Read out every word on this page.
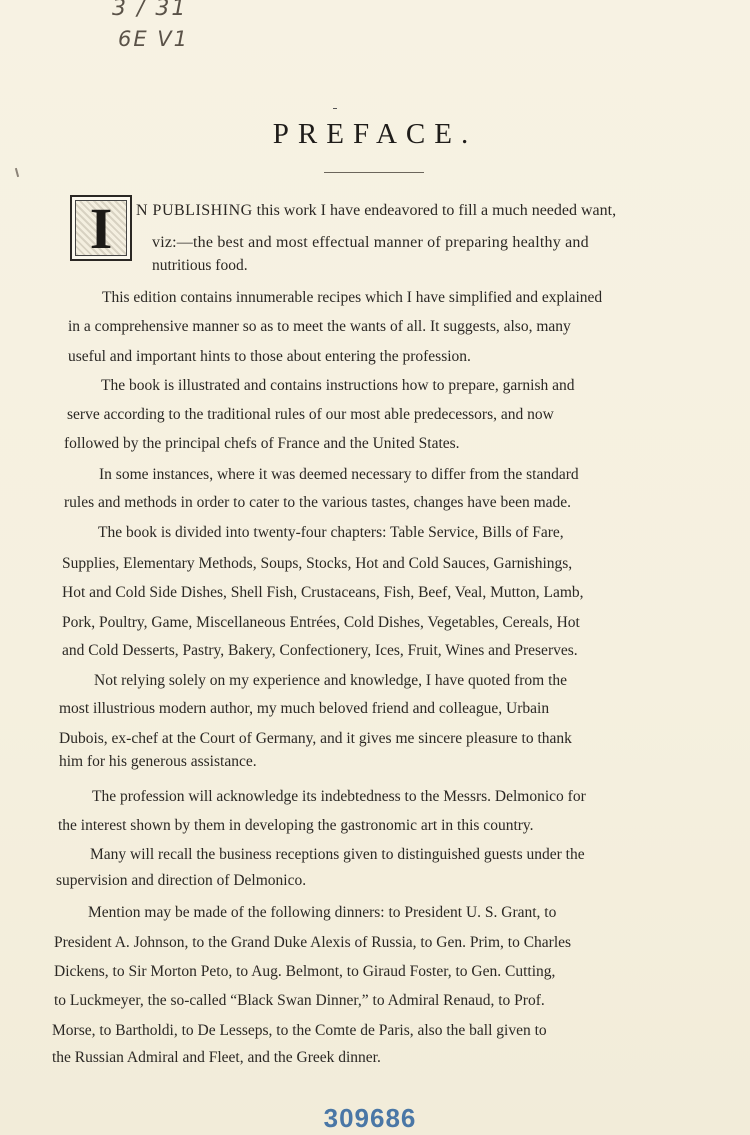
3 / 31
6E V1
PREFACE.
I	N PUBLISHING this work I have endeavored to fill a much needed want,
viz:—the best and most effectual manner of preparing healthy and
nutritious food.
This edition contains innumerable recipes which I have simplified and explained
in a comprehensive manner so as to meet the wants of all. It suggests, also, many
useful and important hints to those about entering the profession.
The book is illustrated and contains instructions how to prepare, garnish and
serve according to the traditional rules of our most able predecessors, and now
followed by the principal chefs of France and the United States.
In some instances, where it was deemed necessary to differ from the standard
rules and methods in order to cater to the various tastes, changes have been made.
The book is divided into twenty-four chapters: Table Service, Bills of Fare,
Supplies, Elementary Methods, Soups, Stocks, Hot and Cold Sauces, Garnishings,
Hot and Cold Side Dishes, Shell Fish, Crustaceans, Fish, Beef, Veal, Mutton, Lamb,
Pork, Poultry, Game, Miscellaneous Entrées, Cold Dishes, Vegetables, Cereals, Hot
and Cold Desserts, Pastry, Bakery, Confectionery, Ices, Fruit, Wines and Preserves.
Not relying solely on my experience and knowledge, I have quoted from the
most illustrious modern author, my much beloved friend and colleague, Urbain
Dubois, ex-chef at the Court of Germany, and it gives me sincere pleasure to thank
him for his generous assistance.
The profession will acknowledge its indebtedness to the Messrs. Delmonico for
the interest shown by them in developing the gastronomic art in this country.
Many will recall the business receptions given to distinguished guests under the
supervision and direction of Delmonico.
Mention may be made of the following dinners: to President U. S. Grant, to
President A. Johnson, to the Grand Duke Alexis of Russia, to Gen. Prim, to Charles
Dickens, to Sir Morton Peto, to Aug. Belmont, to Giraud Foster, to Gen. Cutting,
to Luckmeyer, the so-called “Black Swan Dinner,” to Admiral Renaud, to Prof.
Morse, to Bartholdi, to De Lesseps, to the Comte de Paris, also the ball given to
the Russian Admiral and Fleet, and the Greek dinner.
309686
